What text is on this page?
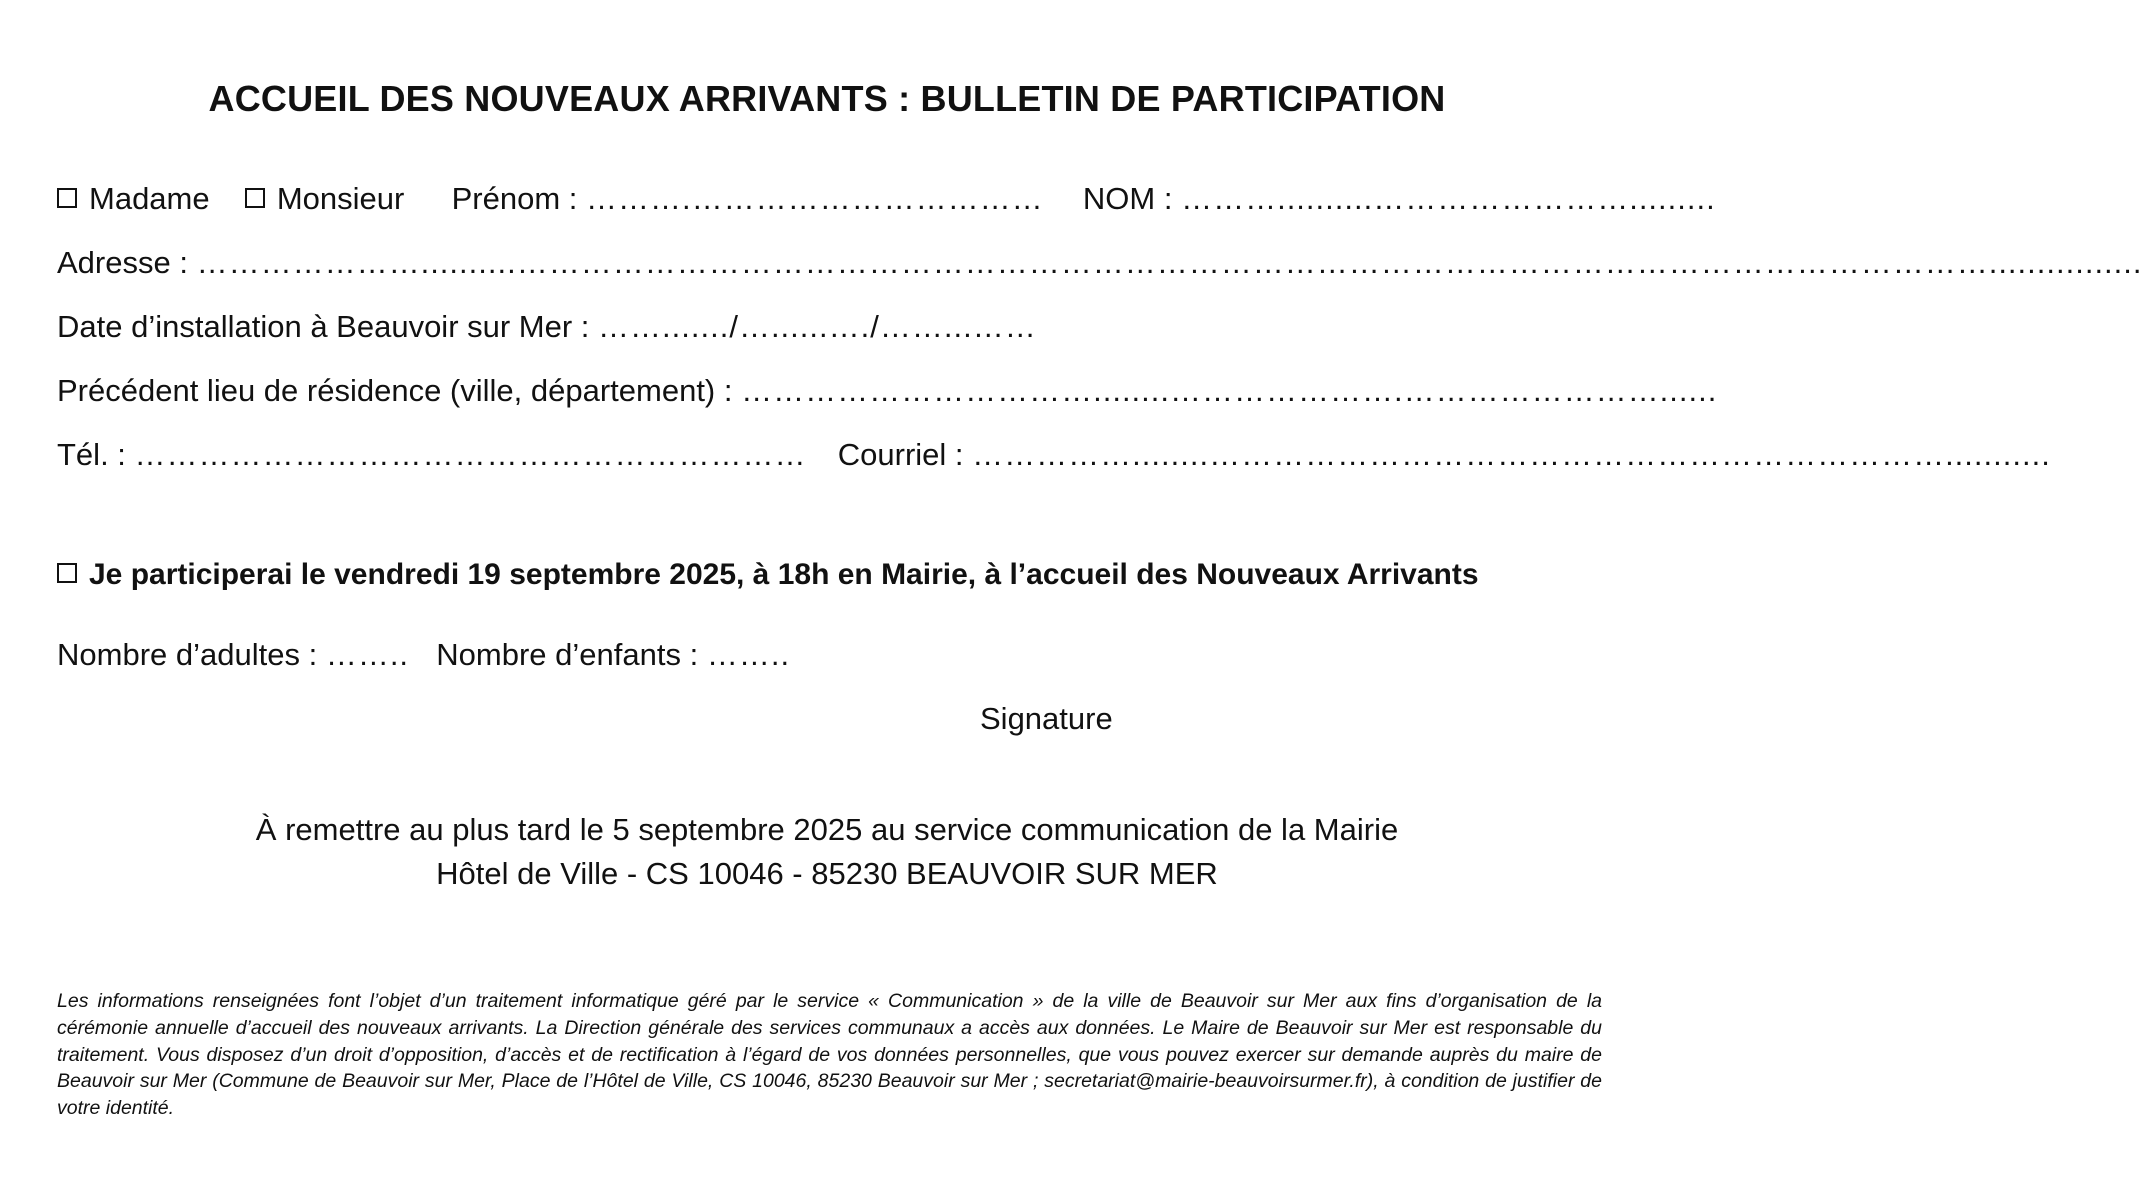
ACCUEIL DES NOUVEAUX ARRIVANTS : BULLETIN DE PARTICIPATION
Madame Monsieur Prénom : ……….…………………………… NOM : ………..........…………………….........
Adresse : …………………..........…………………………………………………………………………………………………………………………................
Date d’installation à Beauvoir sur Mer : ……......./…......…./……...……
Précédent lieu de résidence (ville, département) : ……………………………........………………….……………………......
Tél. : ……………………………………………………… Courriel : ……………........……………………………………………………………...........
Je participerai le vendredi 19 septembre 2025, à 18h en Mairie, à l’accueil des Nouveaux Arrivants
Nombre d’adultes : …….. Nombre d’enfants : ……..
Signature
À remettre au plus tard le 5 septembre 2025 au service communication de la Mairie
Hôtel de Ville - CS 10046 - 85230 BEAUVOIR SUR MER
Les informations renseignées font l’objet d’un traitement informatique géré par le service « Communication » de la ville de Beauvoir sur Mer aux fins d’organisation de la cérémonie annuelle d’accueil des nouveaux arrivants. La Direction générale des services communaux a accès aux données. Le Maire de Beauvoir sur Mer est responsable du traitement. Vous disposez d’un droit d’opposition, d’accès et de rectification à l’égard de vos données personnelles, que vous pouvez exercer sur demande auprès du maire de Beauvoir sur Mer (Commune de Beauvoir sur Mer, Place de l’Hôtel de Ville, CS 10046, 85230 Beauvoir sur Mer ; secretariat@mairie-beauvoirsurmer.fr), à condition de justifier de votre identité.
